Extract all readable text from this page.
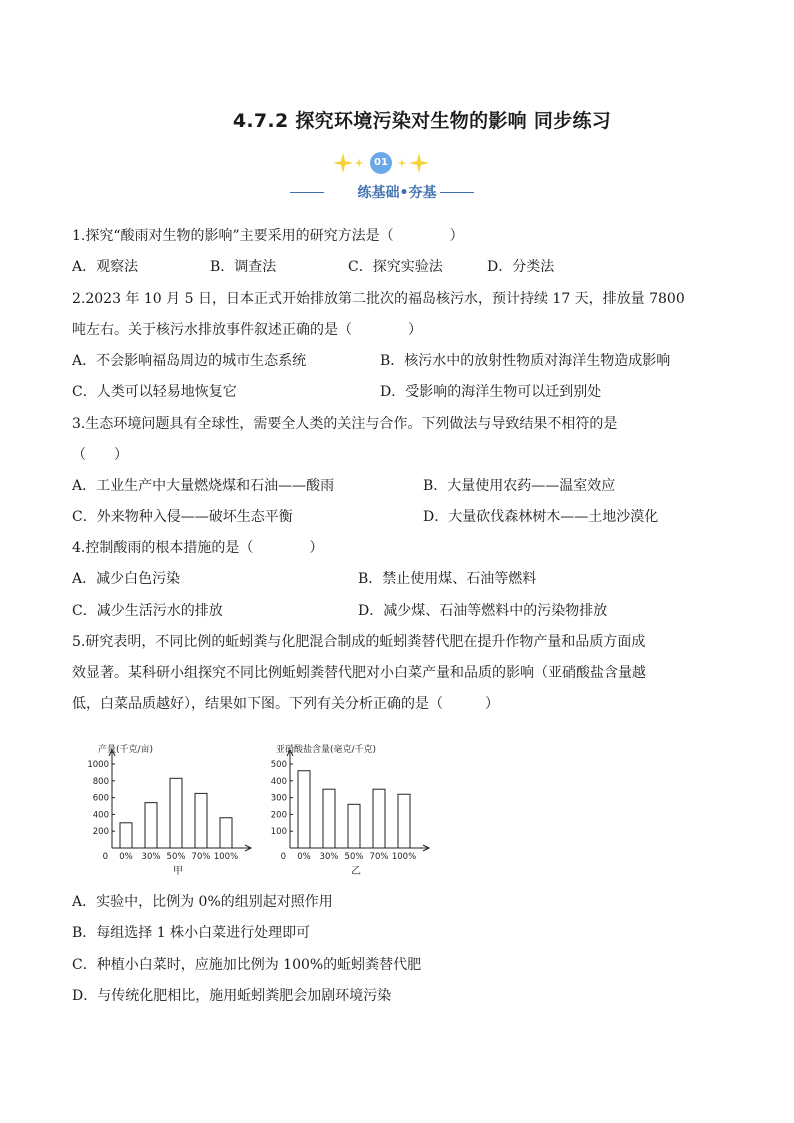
4.7.2 探究环境污染对生物的影响 同步练习
01
练基础•夯基
1.探究“酸雨对生物的影响”主要采用的研究方法是（　　　　）
A．观察法	B．调查法	C．探究实验法	D．分类法
2.2023 年 10 月 5 日，日本正式开始排放第二批次的福岛核污水，预计持续 17 天，排放量 7800
吨左右。关于核污水排放事件叙述正确的是（　　　　）
A．不会影响福岛周边的城市生态系统	B．核污水中的放射性物质对海洋生物造成影响
C．人类可以轻易地恢复它	D．受影响的海洋生物可以迁到别处
3.生态环境问题具有全球性，需要全人类的关注与合作。下列做法与导致结果不相符的是
（　　）
A．工业生产中大量燃烧煤和石油——酸雨	B．大量使用农药——温室效应
C．外来物种入侵——破坏生态平衡	D．大量砍伐森林树木——土地沙漠化
4.控制酸雨的根本措施的是（　　　　）
A．减少白色污染	B．禁止使用煤、石油等燃料
C．减少生活污水的排放	D．减少煤、石油等燃料中的污染物排放
5.研究表明，不同比例的蚯蚓粪与化肥混合制成的蚯蚓粪替代肥在提升作物产量和品质方面成
效显著。某科研小组探究不同比例蚯蚓粪替代肥对小白菜产量和品质的影响（亚硝酸盐含量越
低，白菜品质越好），结果如下图。下列有关分析正确的是（　　　）
产量(千克/亩)
0
200
400
600
800
1000
0% 30% 50% 70% 100%
甲
亚硝酸盐含量(毫克/千克)
0
100
200
300
400
500
0% 30% 50% 70% 100%
乙
A．实验中，比例为 0%的组别起对照作用
B．每组选择 1 株小白菜进行处理即可
C．种植小白菜时，应施加比例为 100%的蚯蚓粪替代肥
D．与传统化肥相比，施用蚯蚓粪肥会加剧环境污染
